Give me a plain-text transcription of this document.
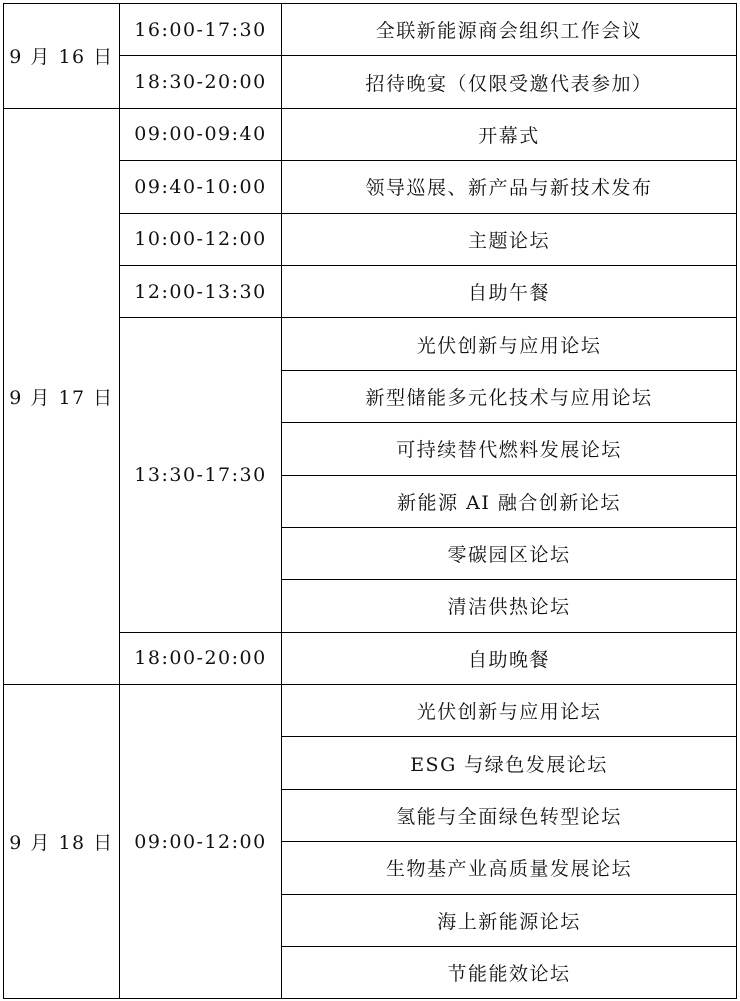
9 月 16 日	16:00-17:30	全联新能源商会组织工作会议
	18:30-20:00	招待晚宴（仅限受邀代表参加）
9 月 17 日	09:00-09:40	开幕式
	09:40-10:00	领导巡展、新产品与新技术发布
	10:00-12:00	主题论坛
	12:00-13:30	自助午餐
	13:30-17:30	光伏创新与应用论坛
		新型储能多元化技术与应用论坛
		可持续替代燃料发展论坛
		新能源 AI 融合创新论坛
		零碳园区论坛
		清洁供热论坛
	18:00-20:00	自助晚餐
9 月 18 日	09:00-12:00	光伏创新与应用论坛
		ESG 与绿色发展论坛
		氢能与全面绿色转型论坛
		生物基产业高质量发展论坛
		海上新能源论坛
		节能能效论坛
